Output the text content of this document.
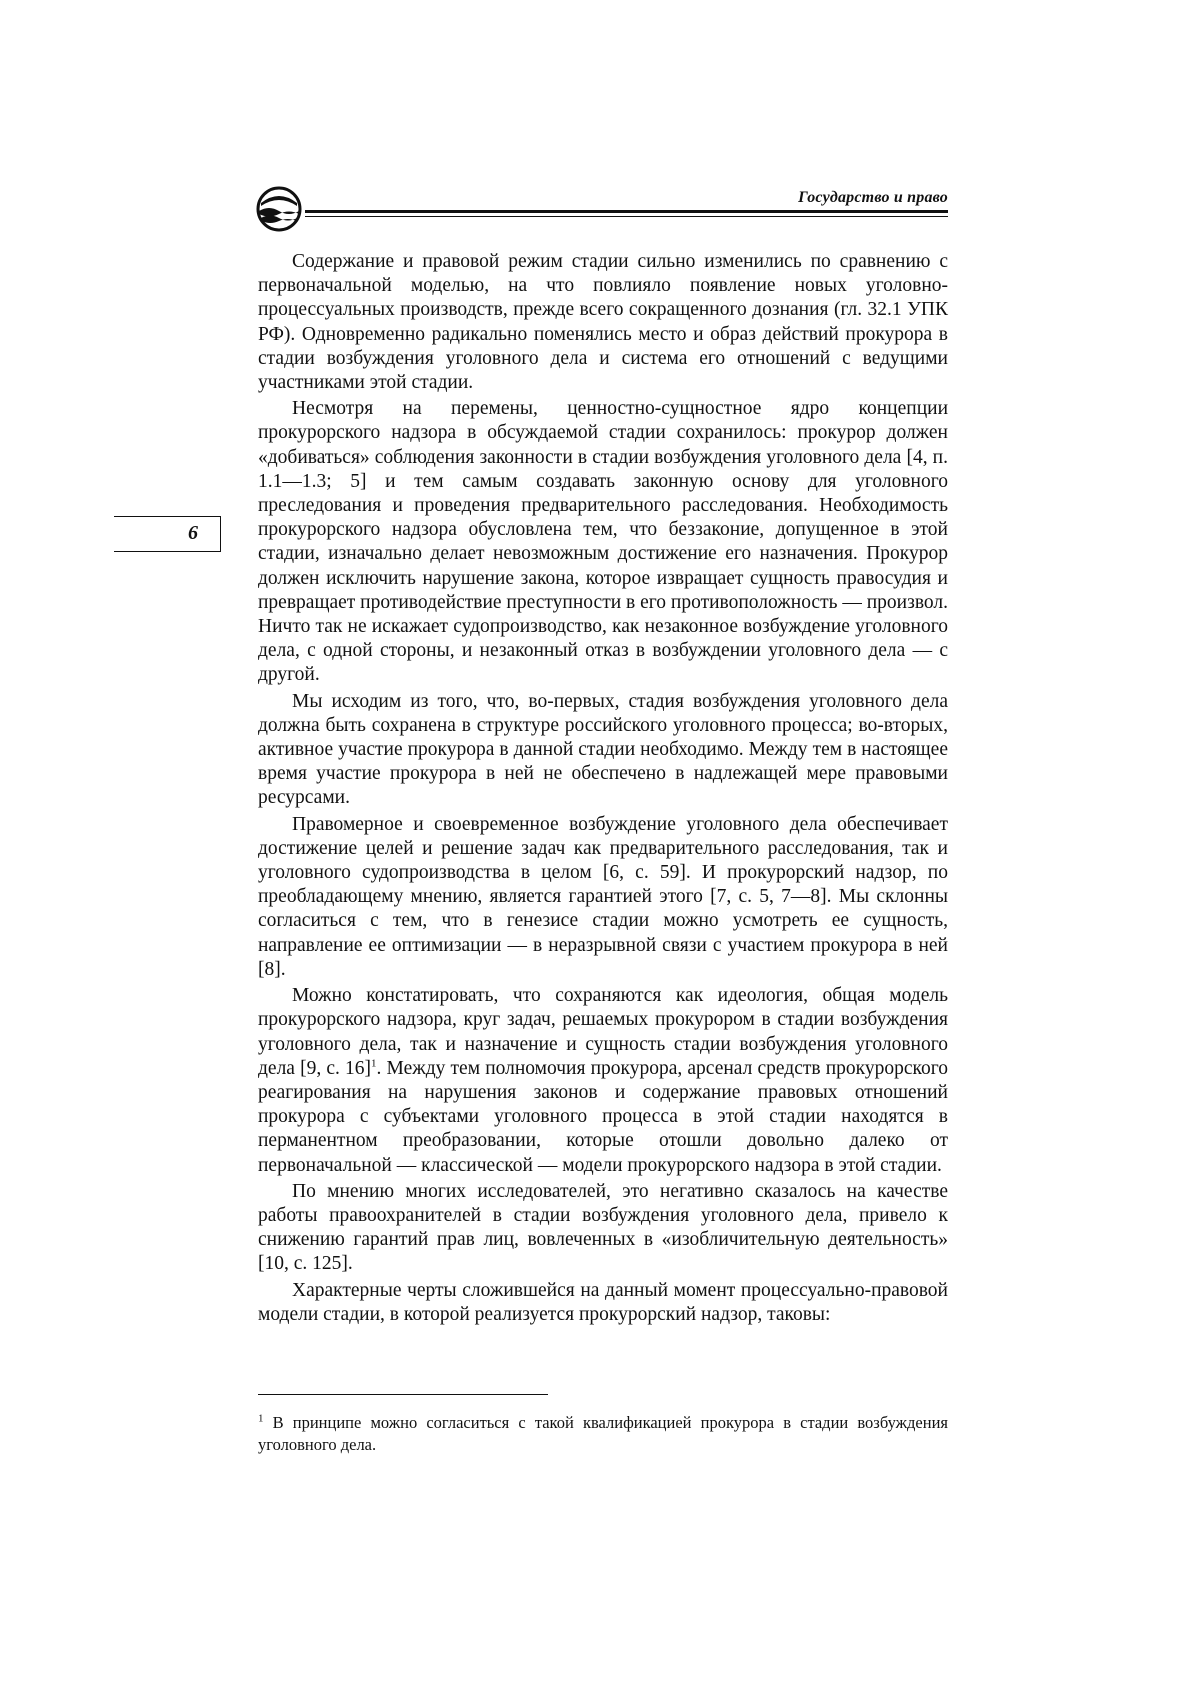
Государство и право
6

Содержание и правовой режим стадии сильно изменились по сравнению с первоначальной моделью, на что повлияло появление новых уголовно-процессуальных производств, прежде всего сокращенного дознания (гл. 32.1 УПК РФ). Одновременно радикально поменялись место и образ действий прокурора в стадии возбуждения уголовного дела и система его отношений с ведущими участниками этой стадии.

Несмотря на перемены, ценностно-сущностное ядро концепции прокурорского надзора в обсуждаемой стадии сохранилось: прокурор должен «добиваться» соблюдения законности в стадии возбуждения уголовного дела [4, п. 1.1—1.3; 5] и тем самым создавать законную основу для уголовного преследования и проведения предварительного расследования. Необходимость прокурорского надзора обусловлена тем, что беззаконие, допущенное в этой стадии, изначально делает невозможным достижение его назначения. Прокурор должен исключить нарушение закона, которое извращает сущность правосудия и превращает противодействие преступности в его противоположность — произвол. Ничто так не искажает судопроизводство, как незаконное возбуждение уголовного дела, с одной стороны, и незаконный отказ в возбуждении уголовного дела — с другой.

Мы исходим из того, что, во-первых, стадия возбуждения уголовного дела должна быть сохранена в структуре российского уголовного процесса; во-вторых, активное участие прокурора в данной стадии необходимо. Между тем в настоящее время участие прокурора в ней не обеспечено в надлежащей мере правовыми ресурсами.

Правомерное и своевременное возбуждение уголовного дела обеспечивает достижение целей и решение задач как предварительного расследования, так и уголовного судопроизводства в целом [6, с. 59]. И прокурорский надзор, по преобладающему мнению, является гарантией этого [7, с. 5, 7—8]. Мы склонны согласиться с тем, что в генезисе стадии можно усмотреть ее сущность, направление ее оптимизации — в неразрывной связи с участием прокурора в ней [8].

Можно констатировать, что сохраняются как идеология, общая модель прокурорского надзора, круг задач, решаемых прокурором в стадии возбуждения уголовного дела, так и назначение и сущность стадии возбуждения уголовного дела [9, с. 16]$^1$. Между тем полномочия прокурора, арсенал средств прокурорского реагирования на нарушения законов и содержание правовых отношений прокурора с субъектами уголовного процесса в этой стадии находятся в перманентном преобразовании, которые отошли довольно далеко от первоначальной — классической — модели прокурорского надзора в этой стадии.

По мнению многих исследователей, это негативно сказалось на качестве работы правоохранителей в стадии возбуждения уголовного дела, привело к снижению гарантий прав лиц, вовлеченных в «изобличительную деятельность» [10, с. 125].

Характерные черты сложившейся на данный момент процессуально-правовой модели стадии, в которой реализуется прокурорский надзор, таковы:

$^1$ В принципе можно согласиться с такой квалификацией прокурора в стадии возбуждения уголовного дела.
